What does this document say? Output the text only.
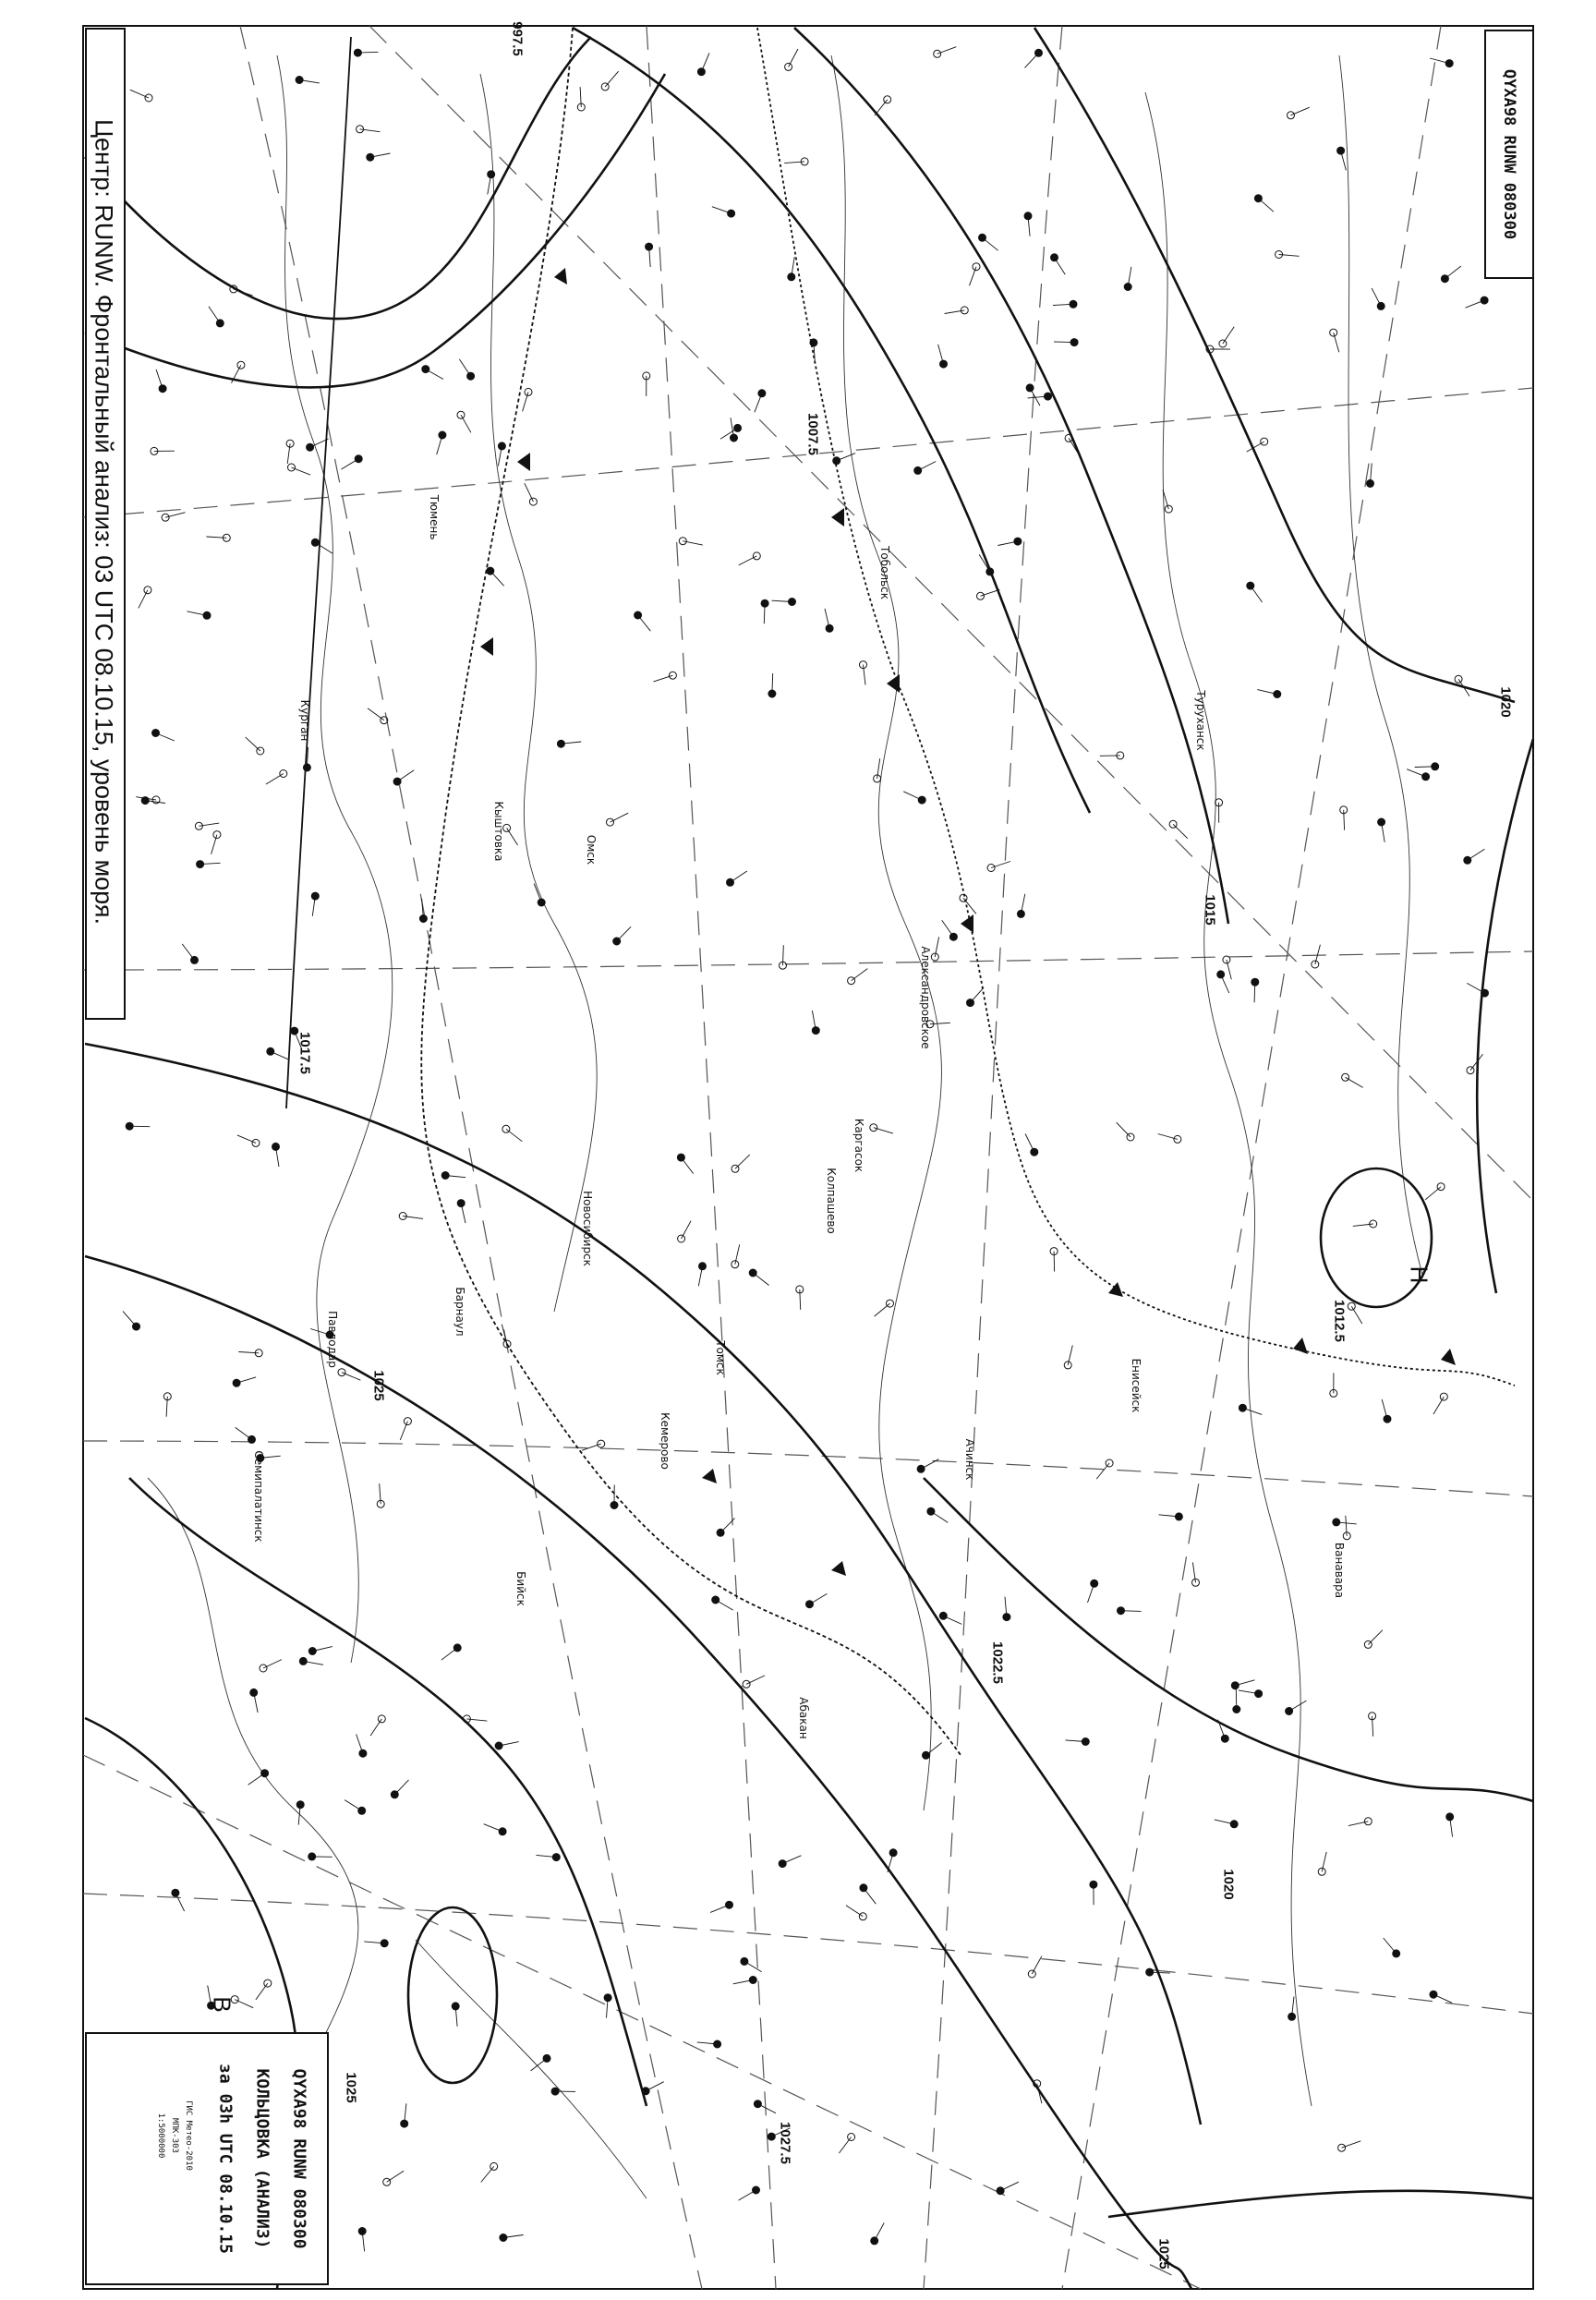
997.5
1007.5
1012.5
1015
1017.5
1020
1020
1022.5
1025
1025
1027.5
1025
Н
В
Тобольск
Александровское
Каргасок
Новосибирск
Бийск
Омск
Барнаул
Кемерово
Томск
Колпашево
Енисейск
Туруханск
Ачинск
Абакан
Ванавара
Кыштовка
Тюмень
Курган
Павлодар
Семипалатинск
Центр: RUNW. Фронтальный анализ: 03 UTC 08.10.15, уровень моря.	QYXA98 RUNW 080300
QYXA98 RUNW 080300
КОЛЬЦОВКА (АНАЛИЗ)
за 03h UTC 08.10.15
ГИС Метео-2010
МПК-303
1:5000000
